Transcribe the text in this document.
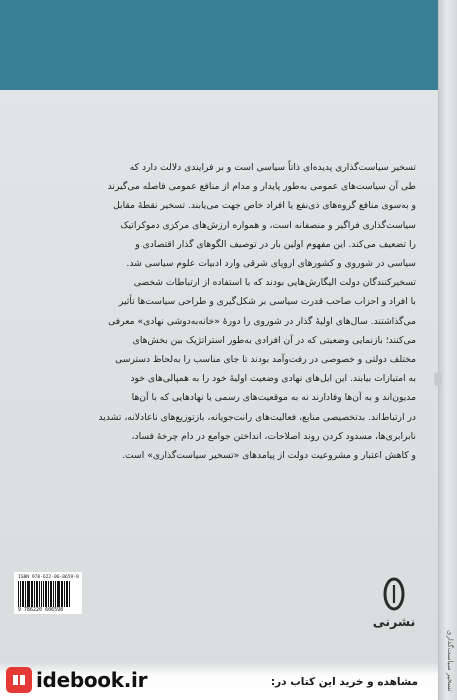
تسخیر سیاست‌گذاری پدیده‌ای ذاتاً سیاسی است و بر فرایندی دلالت دارد که

طی آن سیاست‌های عمومی به‌طور پایدار و مدام از منافع عمومی فاصله می‌گیرند

و به‌سوی منافع گروه‌های ذی‌نفع یا افراد خاص جهت می‌یابند. تسخیر نقطهٔ مقابل

سیاست‌گذاری فراگیر و منصفانه است، و همواره ارزش‌های مرکزی دموکراتیک

را تضعیف می‌کند. این مفهوم اولین بار در توصیف الگوهای گذار اقتصادی و

سیاسی در شوروی و کشورهای اروپای شرقی وارد ادبیات علوم سیاسی شد.

تسخیرکنندگان دولت الیگارش‌هایی بودند که با استفاده از ارتباطات شخصی

با افراد و احزاب صاحب قدرت سیاسی بر شکل‌گیری و طراحی سیاست‌ها تأثیر

می‌گذاشتند. سال‌های اولیهٔ گذار در شوروی را دورهٔ «خانه‌به‌دوشی نهادی» معرفی

می‌کنند؛ بازنمایی وضعیتی که در آن افرادی به‌طور استراتژیک بین بخش‌های

مختلف دولتی و خصوصی در رفت‌وآمد بودند تا جای مناسب را به‌لحاظ دسترسی

به امتیازات بیابند. این ایل‌های نهادی وضعیت اولیهٔ خود را به همپالی‌های خود

مدیون‌اند و به آن‌ها وفادارند نه به موقعیت‌های رسمی یا نهادهایی که با آن‌ها

در ارتباط‌اند. بدتخصیصی منابع، فعالیت‌های رانت‌جویانه، بازتوزیع‌های ناعادلانه، تشدید

نابرابری‌ها، مسدود کردن روند اصلاحات، انداختن جوامع در دام چرخهٔ فساد،

و کاهش اعتبار و مشروعیت دولت از پیامدهای «تسخیر سیاست‌گذاری» است.

ISBN 978-622-06-0659-8
9 786220 606598
نشرنی
تسخیر سیاست‌گذاری
idebook.ir	مشاهده و خرید این کتاب در:
